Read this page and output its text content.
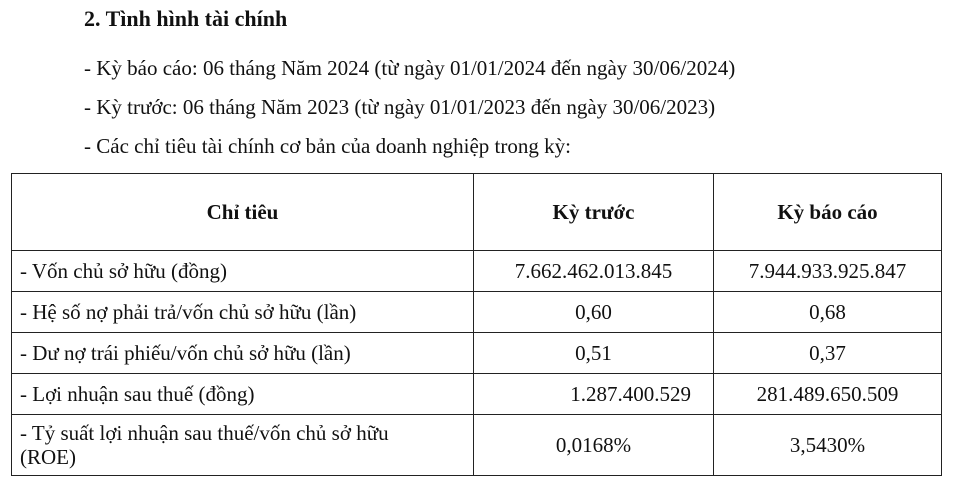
2. Tình hình tài chính
- Kỳ báo cáo: 06 tháng Năm 2024 (từ ngày 01/01/2024 đến ngày 30/06/2024)
- Kỳ trước: 06 tháng Năm 2023 (từ ngày 01/01/2023 đến ngày 30/06/2023)
- Các chỉ tiêu tài chính cơ bản của doanh nghiệp trong kỳ:
Chỉ tiêu	Kỳ trước	Kỳ báo cáo
- Vốn chủ sở hữu (đồng)	7.662.462.013.845	7.944.933.925.847
- Hệ số nợ phải trả/vốn chủ sở hữu (lần)	0,60	0,68
- Dư nợ trái phiếu/vốn chủ sở hữu (lần)	0,51	0,37
- Lợi nhuận sau thuế (đồng)	1.287.400.529	281.489.650.509

- Tỷ suất lợi nhuận sau thuế/vốn chủ sở hữu
(ROE)	0,0168%	3,5430%
